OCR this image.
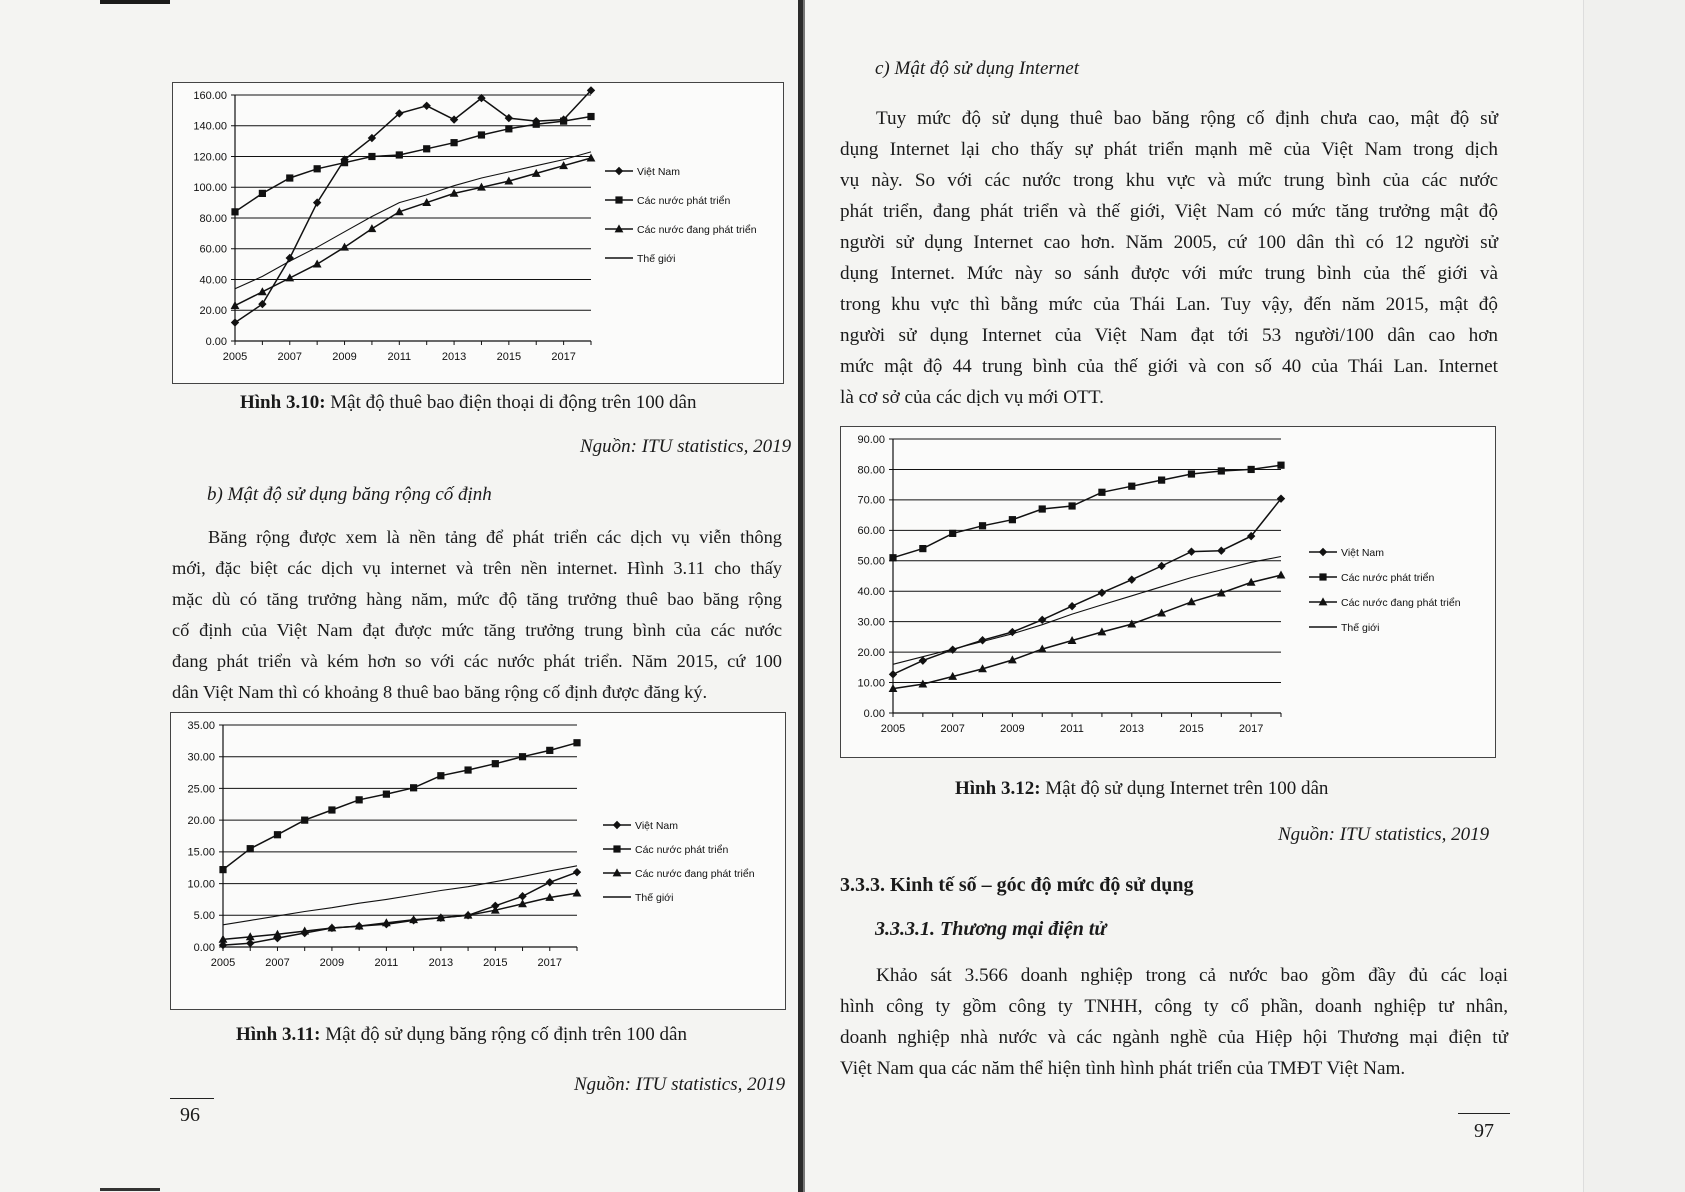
0.00
20.00
40.00
60.00
80.00
100.00
120.00
140.00
160.00
2005	2007	2009	2011	2013	2015	2017
Việt Nam
Các nước phát triển
Các nước đang phát triển
Thế giới
Hình 3.10: Mật độ thuê bao điện thoại di động trên 100 dân
Nguồn: ITU statistics, 2019
b) Mật độ sử dụng băng rộng cố định
Băng rộng được xem là nền tảng để phát triển các dịch vụ viễn thông
mới, đặc biệt các dịch vụ internet và trên nền internet. Hình 3.11 cho thấy
mặc dù có tăng trưởng hàng năm, mức độ tăng trưởng thuê bao băng rộng
cố định của Việt Nam đạt được mức tăng trưởng trung bình của các nước
đang phát triển và kém hơn so với các nước phát triển. Năm 2015, cứ 100
dân Việt Nam thì có khoảng 8 thuê bao băng rộng cố định được đăng ký.
0.00
5.00
10.00
15.00
20.00
25.00
30.00
35.00
2005	2007	2009	2011	2013	2015	2017
Việt Nam
Các nước phát triển
Các nước đang phát triển
Thế giới
Hình 3.11: Mật độ sử dụng băng rộng cố định trên 100 dân
Nguồn: ITU statistics, 2019
96
c) Mật độ sử dụng Internet
Tuy mức độ sử dụng thuê bao băng rộng cố định chưa cao, mật độ sử
dụng Internet lại cho thấy sự phát triển mạnh mẽ của Việt Nam trong dịch
vụ này. So với các nước trong khu vực và mức trung bình của các nước
phát triển, đang phát triển và thế giới, Việt Nam có mức tăng trưởng mật độ
người sử dụng Internet cao hơn. Năm 2005, cứ 100 dân thì có 12 người sử
dụng Internet. Mức này so sánh được với mức trung bình của thế giới và
trong khu vực thì bằng mức của Thái Lan. Tuy vậy, đến năm 2015, mật độ
người sử dụng Internet của Việt Nam đạt tới 53 người/100 dân cao hơn
mức mật độ 44 trung bình của thế giới và con số 40 của Thái Lan. Internet
là cơ sở của các dịch vụ mới OTT.
0.00
10.00
20.00
30.00
40.00
50.00
60.00
70.00
80.00
90.00
2005	2007	2009	2011	2013	2015	2017
Việt Nam
Các nước phát triển
Các nước đang phát triển
Thế giới
Hình 3.12: Mật độ sử dụng Internet trên 100 dân
Nguồn: ITU statistics, 2019
3.3.3. Kinh tế số – góc độ mức độ sử dụng
3.3.3.1. Thương mại điện tử
Khảo sát 3.566 doanh nghiệp trong cả nước bao gồm đầy đủ các loại
hình công ty gồm công ty TNHH, công ty cổ phần, doanh nghiệp tư nhân,
doanh nghiệp nhà nước và các ngành nghề của Hiệp hội Thương mại điện tử
Việt Nam qua các năm thể hiện tình hình phát triển của TMĐT Việt Nam.
97
